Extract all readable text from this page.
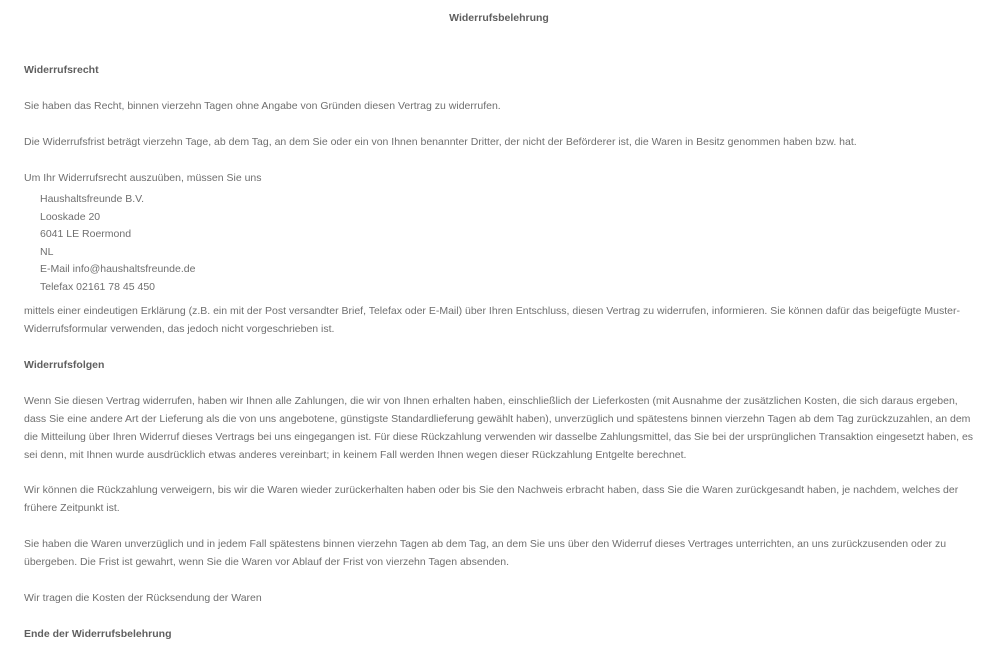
Widerrufsbelehrung

Widerrufsrecht

Sie haben das Recht, binnen vierzehn Tagen ohne Angabe von Gründen diesen Vertrag zu widerrufen.

Die Widerrufsfrist beträgt vierzehn Tage, ab dem Tag, an dem Sie oder ein von Ihnen benannter Dritter, der nicht der Beförderer ist, die Waren in Besitz genommen haben bzw. hat.

Um Ihr Widerrufsrecht auszuüben, müssen Sie uns

Haushaltsfreunde B.V.
Looskade 20
6041 LE Roermond
NL
E-Mail info@haushaltsfreunde.de
Telefax 02161 78 45 450

mittels einer eindeutigen Erklärung (z.B. ein mit der Post versandter Brief, Telefax oder E-Mail) über Ihren Entschluss, diesen Vertrag zu widerrufen, informieren. Sie können dafür das beigefügte Muster-Widerrufsformular verwenden, das jedoch nicht vorgeschrieben ist.

Widerrufsfolgen

Wenn Sie diesen Vertrag widerrufen, haben wir Ihnen alle Zahlungen, die wir von Ihnen erhalten haben, einschließlich der Lieferkosten (mit Ausnahme der zusätzlichen Kosten, die sich daraus ergeben, dass Sie eine andere Art der Lieferung als die von uns angebotene, günstigste Standardlieferung gewählt haben), unverzüglich und spätestens binnen vierzehn Tagen ab dem Tag zurückzuzahlen, an dem die Mitteilung über Ihren Widerruf dieses Vertrags bei uns eingegangen ist. Für diese Rückzahlung verwenden wir dasselbe Zahlungsmittel, das Sie bei der ursprünglichen Transaktion eingesetzt haben, es sei denn, mit Ihnen wurde ausdrücklich etwas anderes vereinbart; in keinem Fall werden Ihnen wegen dieser Rückzahlung Entgelte berechnet.

Wir können die Rückzahlung verweigern, bis wir die Waren wieder zurückerhalten haben oder bis Sie den Nachweis erbracht haben, dass Sie die Waren zurückgesandt haben, je nachdem, welches der frühere Zeitpunkt ist.

Sie haben die Waren unverzüglich und in jedem Fall spätestens binnen vierzehn Tagen ab dem Tag, an dem Sie uns über den Widerruf dieses Vertrages unterrichten, an uns zurückzusenden oder zu übergeben. Die Frist ist gewahrt, wenn Sie die Waren vor Ablauf der Frist von vierzehn Tagen absenden.

Wir tragen die Kosten der Rücksendung der Waren

Ende der Widerrufsbelehrung
